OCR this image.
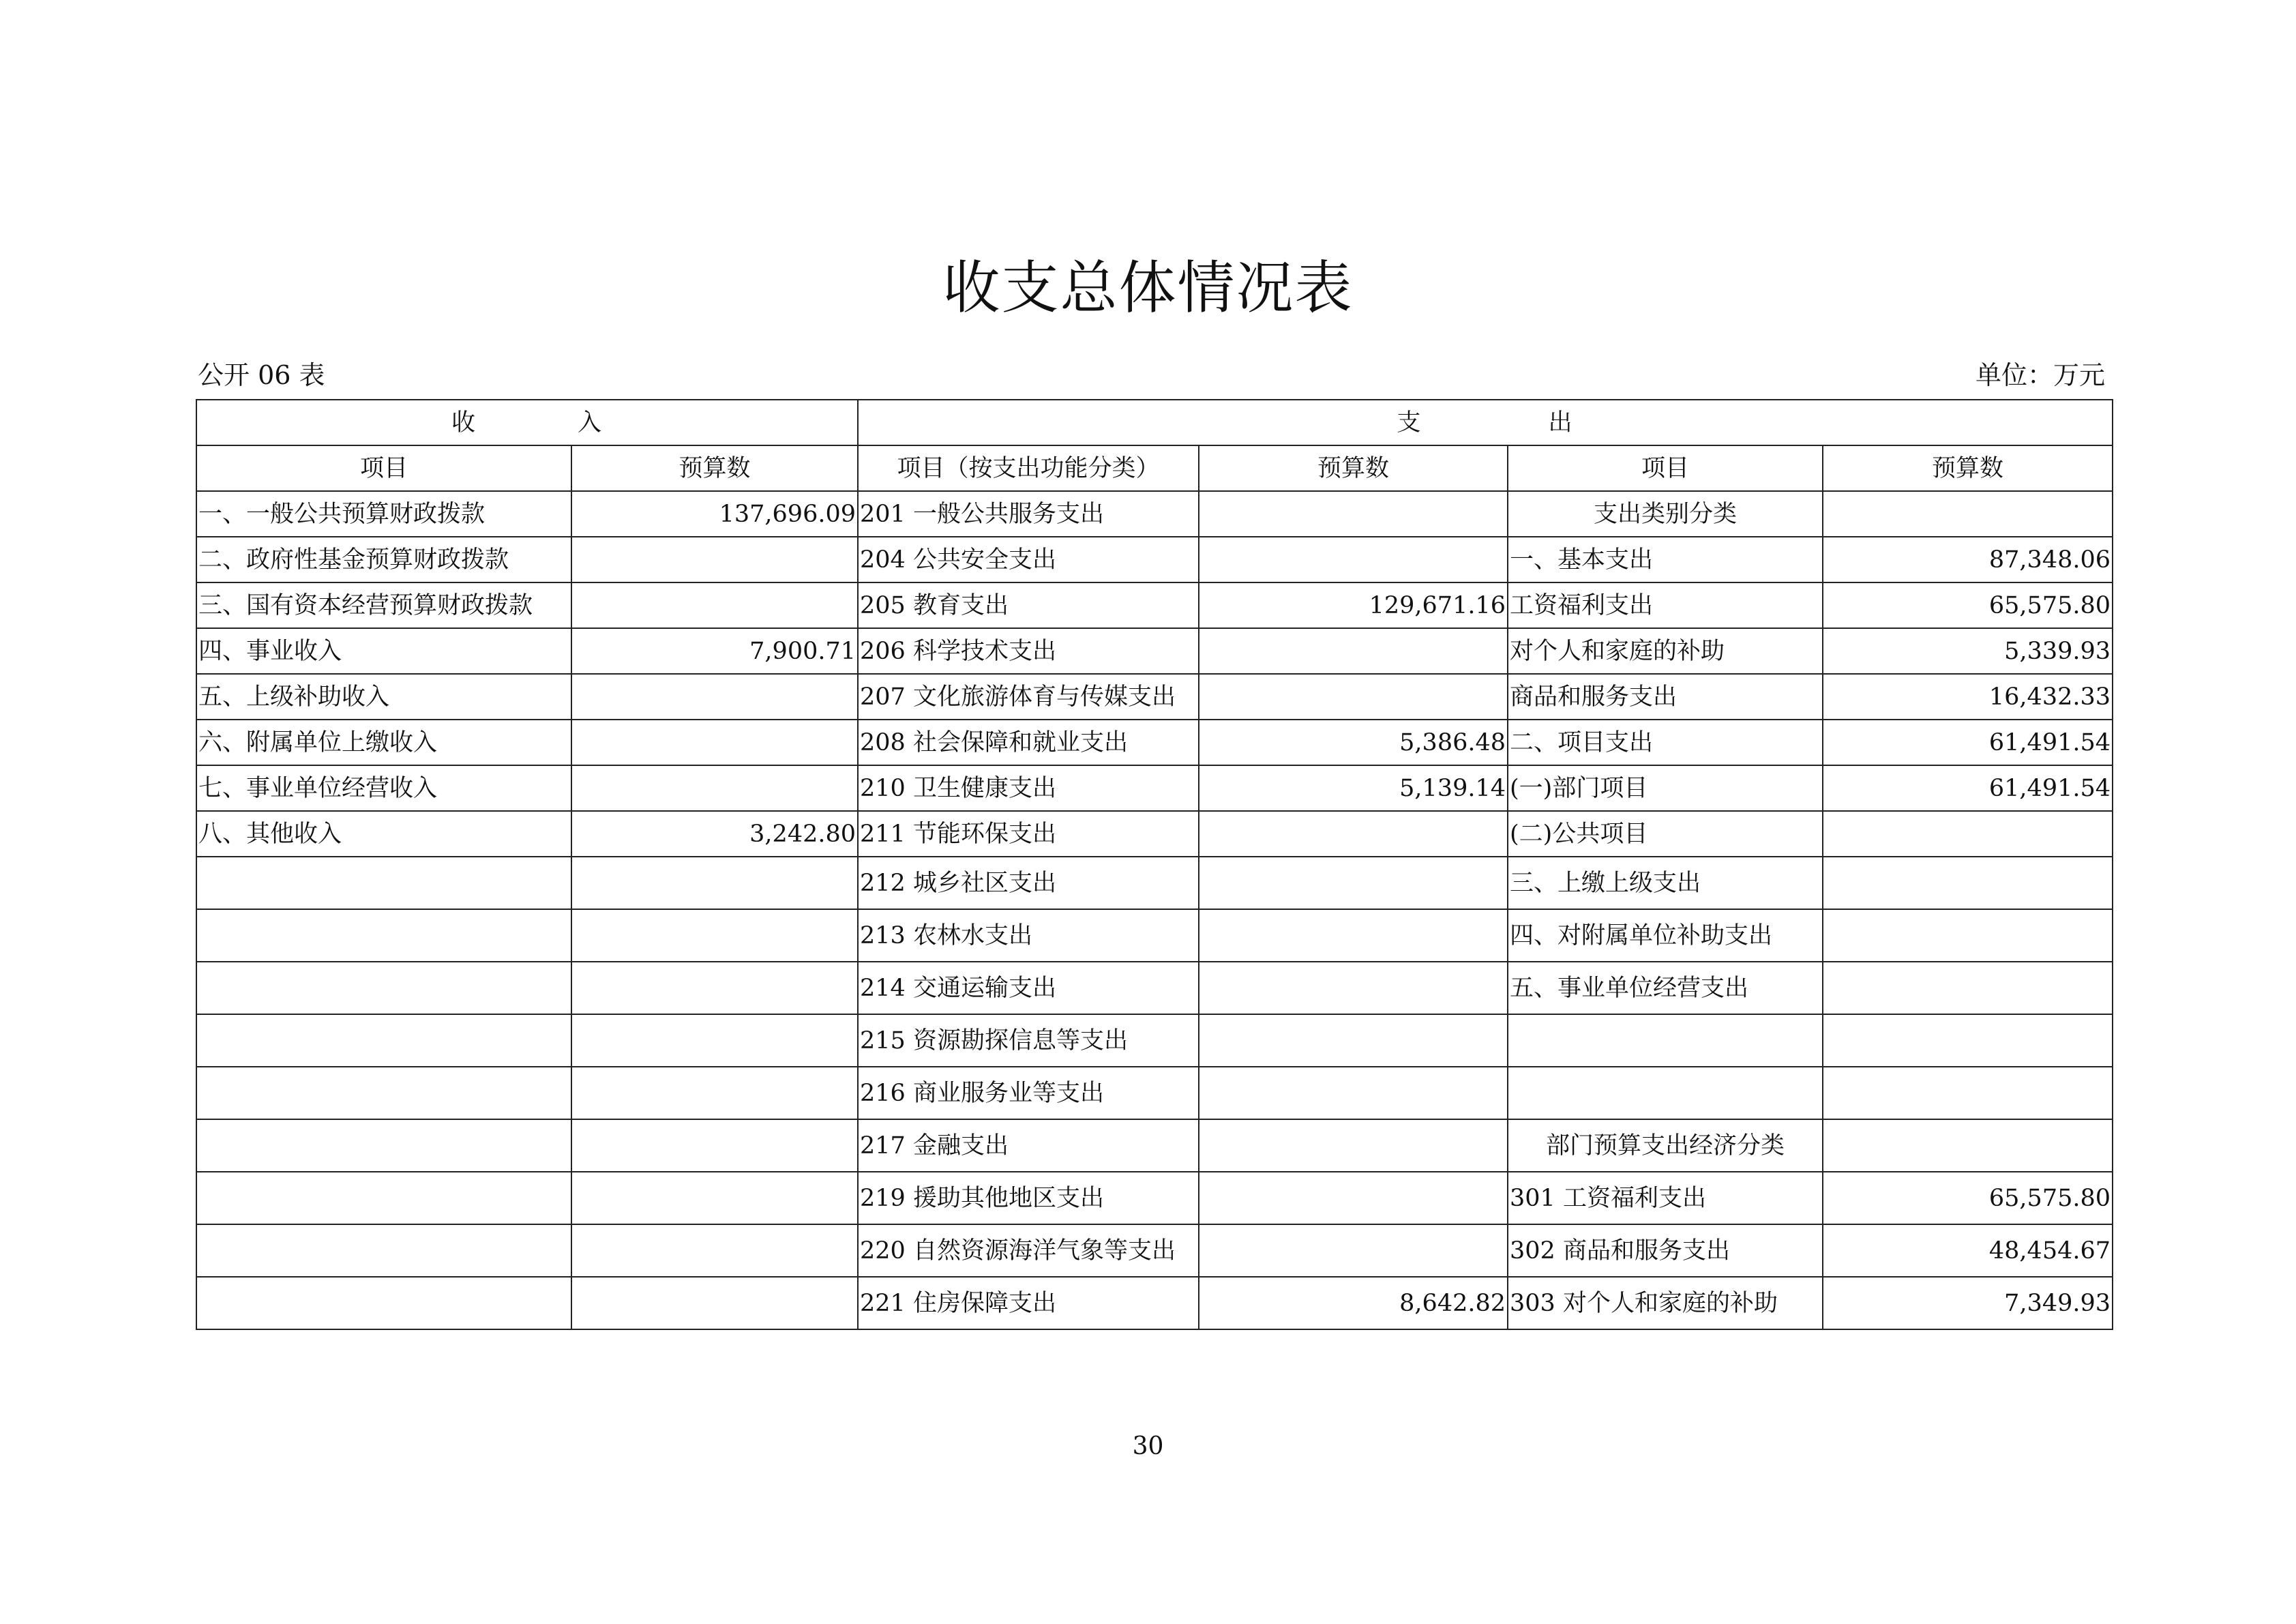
收支总体情况表
公开 06 表	单位：万元
收　　　　入		支　　　　　出			
项目	预算数	项目（按支出功能分类）	预算数	项目	预算数
一、一般公共预算财政拨款	137,696.09	201 一般公共服务支出		支出类别分类	
二、政府性基金预算财政拨款		204 公共安全支出		一、基本支出	87,348.06
三、国有资本经营预算财政拨款		205 教育支出	129,671.16	工资福利支出	65,575.80
四、事业收入	7,900.71	206 科学技术支出		对个人和家庭的补助	5,339.93
五、上级补助收入		207 文化旅游体育与传媒支出		商品和服务支出	16,432.33
六、附属单位上缴收入		208 社会保障和就业支出	5,386.48	二、项目支出	61,491.54
七、事业单位经营收入		210 卫生健康支出	5,139.14	(一)部门项目	61,491.54
八、其他收入	3,242.80	211 节能环保支出		(二)公共项目	
		212 城乡社区支出		三、上缴上级支出	
		213 农林水支出		四、对附属单位补助支出	
		214 交通运输支出		五、事业单位经营支出	
		215 资源勘探信息等支出			
		216 商业服务业等支出			
		217 金融支出		部门预算支出经济分类	
		219 援助其他地区支出		301 工资福利支出	65,575.80
		220 自然资源海洋气象等支出		302 商品和服务支出	48,454.67
		221 住房保障支出	8,642.82	303 对个人和家庭的补助	7,349.93
30
